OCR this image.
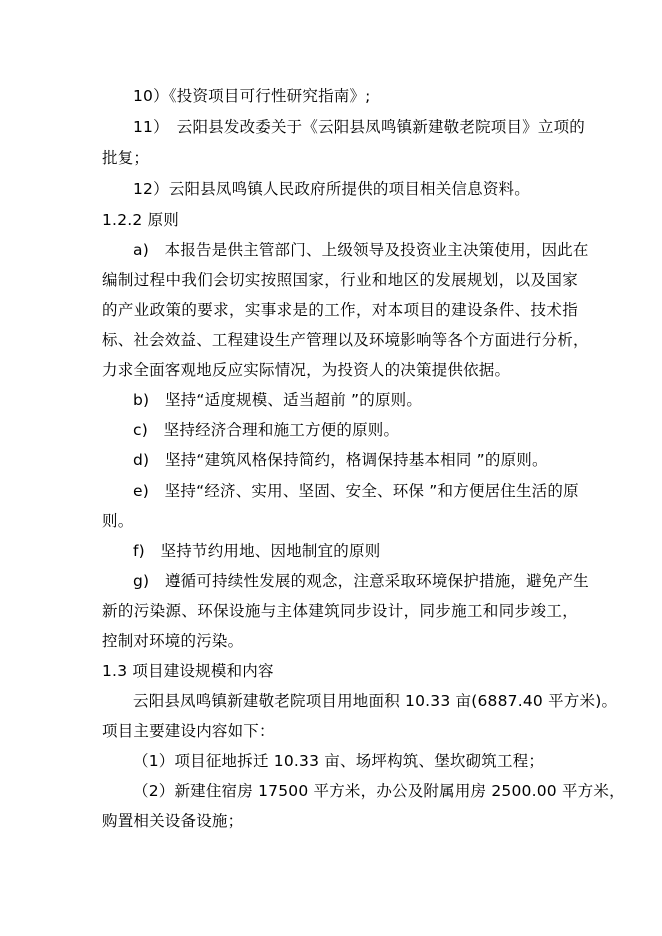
10）《投资项目可行性研究指南》;
11）　云阳县发改委关于《云阳县凤鸣镇新建敬老院项目》立项的
批复；
12）云阳县凤鸣镇人民政府所提供的项目相关信息资料。
1.2.2 原则
a)　本报告是供主管部门、上级领导及投资业主决策使用，因此在
编制过程中我们会切实按照国家，行业和地区的发展规划，以及国家
的产业政策的要求，实事求是的工作，对本项目的建设条件、技术指
标、社会效益、工程建设生产管理以及环境影响等各个方面进行分析，
力求全面客观地反应实际情况，为投资人的决策提供依据。
b)　坚持“适度规模、适当超前 ”的原则。
c)　坚持经济合理和施工方便的原则。
d)　坚持“建筑风格保持简约，格调保持基本相同 ”的原则。
e)　坚持“经济、实用、坚固、安全、环保 ”和方便居住生活的原
则。
f)　坚持节约用地、因地制宜的原则
g)　遵循可持续性发展的观念，注意采取环境保护措施，避免产生
新的污染源、环保设施与主体建筑同步设计，同步施工和同步竣工，
控制对环境的污染。
1.3 项目建设规模和内容
云阳县凤鸣镇新建敬老院项目用地面积 10.33 亩(6887.40 平方米)。
项目主要建设内容如下：
（1）项目征地拆迁 10.33 亩、场坪构筑、堡坎砌筑工程；
（2）新建住宿房 17500 平方米，办公及附属用房 2500.00 平方米，
购置相关设备设施；
